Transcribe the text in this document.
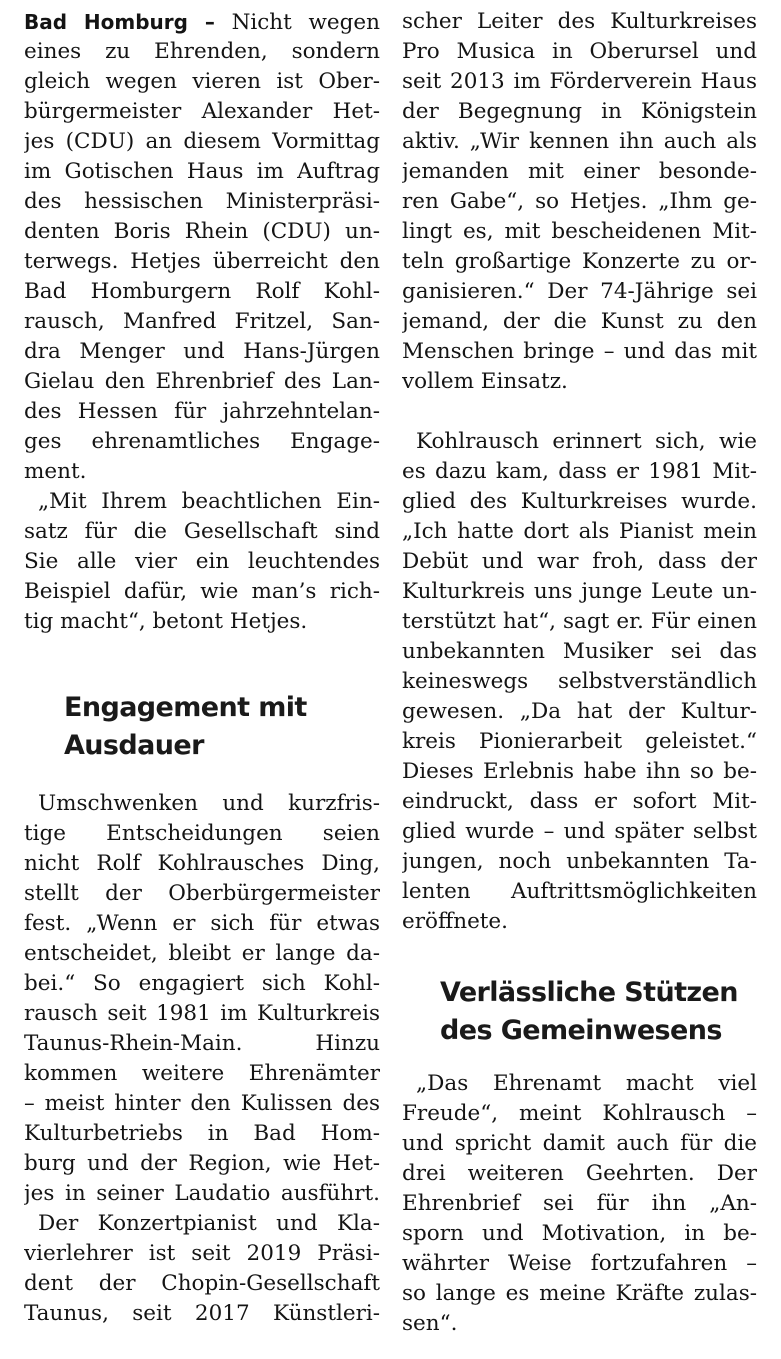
Bad Homburg – Nicht wegen
eines zu Ehrenden, sondern
gleich wegen vieren ist Ober-
bürgermeister Alexander Het-
jes (CDU) an diesem Vormittag
im Gotischen Haus im Auftrag
des hessischen Ministerpräsi-
denten Boris Rhein (CDU) un-
terwegs. Hetjes überreicht den
Bad Homburgern Rolf Kohl-
rausch, Manfred Fritzel, San-
dra Menger und Hans-Jürgen
Gielau den Ehrenbrief des Lan-
des Hessen für jahrzehntelan-
ges ehrenamtliches Engage-
ment.
„Mit Ihrem beachtlichen Ein-
satz für die Gesellschaft sind
Sie alle vier ein leuchtendes
Beispiel dafür, wie man’s rich-
tig macht“, betont Hetjes.
Engagement mit
Ausdauer
Umschwenken und kurzfris-
tige Entscheidungen seien
nicht Rolf Kohlrausches Ding,
stellt der Oberbürgermeister
fest. „Wenn er sich für etwas
entscheidet, bleibt er lange da-
bei.“ So engagiert sich Kohl-
rausch seit 1981 im Kulturkreis
Taunus-Rhein-Main. Hinzu
kommen weitere Ehrenämter
– meist hinter den Kulissen des
Kulturbetriebs in Bad Hom-
burg und der Region, wie Het-
jes in seiner Laudatio ausführt.
Der Konzertpianist und Kla-
vierlehrer ist seit 2019 Präsi-
dent der Chopin-Gesellschaft
Taunus, seit 2017 Künstleri-
scher Leiter des Kulturkreises
Pro Musica in Oberursel und
seit 2013 im Förderverein Haus
der Begegnung in Königstein
aktiv. „Wir kennen ihn auch als
jemanden mit einer besonde-
ren Gabe“, so Hetjes. „Ihm ge-
lingt es, mit bescheidenen Mit-
teln großartige Konzerte zu or-
ganisieren.“ Der 74-Jährige sei
jemand, der die Kunst zu den
Menschen bringe – und das mit
vollem Einsatz.
Kohlrausch erinnert sich, wie
es dazu kam, dass er 1981 Mit-
glied des Kulturkreises wurde.
„Ich hatte dort als Pianist mein
Debüt und war froh, dass der
Kulturkreis uns junge Leute un-
terstützt hat“, sagt er. Für einen
unbekannten Musiker sei das
keineswegs selbstverständlich
gewesen. „Da hat der Kultur-
kreis Pionierarbeit geleistet.“
Dieses Erlebnis habe ihn so be-
eindruckt, dass er sofort Mit-
glied wurde – und später selbst
jungen, noch unbekannten Ta-
lenten Auftrittsmöglichkeiten
eröffnete.
Verlässliche Stützen
des Gemeinwesens
„Das Ehrenamt macht viel
Freude“, meint Kohlrausch –
und spricht damit auch für die
drei weiteren Geehrten. Der
Ehrenbrief sei für ihn „An-
sporn und Motivation, in be-
währter Weise fortzufahren –
so lange es meine Kräfte zulas-
sen“.
